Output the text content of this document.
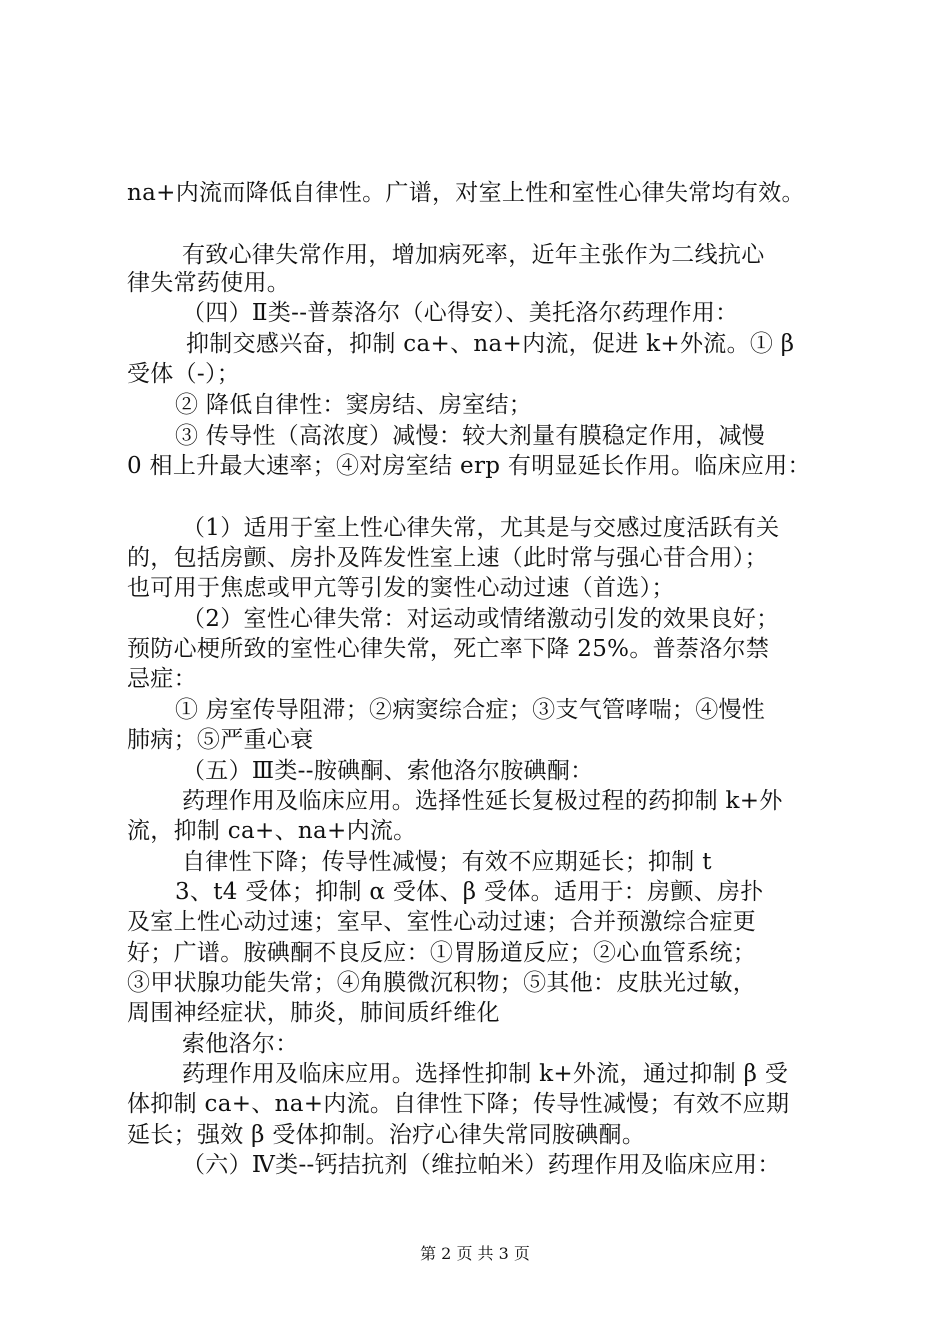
na+内流而降低自律性。广谱，对室上性和室性心律失常均有效。
有致心律失常作用，增加病死率，近年主张作为二线抗心
律失常药使用。
（四）Ⅱ类--普萘洛尔（心得安）、美托洛尔药理作用：
抑制交感兴奋，抑制 ca+、na+内流，促进 k+外流。① β
受体（-）；
② 降低自律性：窦房结、房室结；
③ 传导性（高浓度）减慢：较大剂量有膜稳定作用，减慢
0 相上升最大速率；④对房室结 erp 有明显延长作用。临床应用：
（1）适用于室上性心律失常，尤其是与交感过度活跃有关
的，包括房颤、房扑及阵发性室上速（此时常与强心苷合用）；
也可用于焦虑或甲亢等引发的窦性心动过速（首选）；
（2）室性心律失常：对运动或情绪激动引发的效果良好；
预防心梗所致的室性心律失常，死亡率下降 25%。普萘洛尔禁
忌症：
① 房室传导阻滞；②病窦综合症；③支气管哮喘；④慢性
肺病；⑤严重心衰
（五）Ⅲ类--胺碘酮、索他洛尔胺碘酮：
药理作用及临床应用。选择性延长复极过程的药抑制 k+外
流，抑制 ca+、na+内流。
自律性下降；传导性减慢；有效不应期延长；抑制 t
3、t4 受体；抑制 α 受体、β 受体。适用于：房颤、房扑
及室上性心动过速；室早、室性心动过速；合并预激综合症更
好；广谱。胺碘酮不良反应：①胃肠道反应；②心血管系统；
③甲状腺功能失常；④角膜微沉积物；⑤其他：皮肤光过敏，
周围神经症状，肺炎，肺间质纤维化
索他洛尔：
药理作用及临床应用。选择性抑制 k+外流，通过抑制 β 受
体抑制 ca+、na+内流。自律性下降；传导性减慢；有效不应期
延长；强效 β 受体抑制。治疗心律失常同胺碘酮。
（六）Ⅳ类--钙拮抗剂（维拉帕米）药理作用及临床应用：
第 2 页 共 3 页
